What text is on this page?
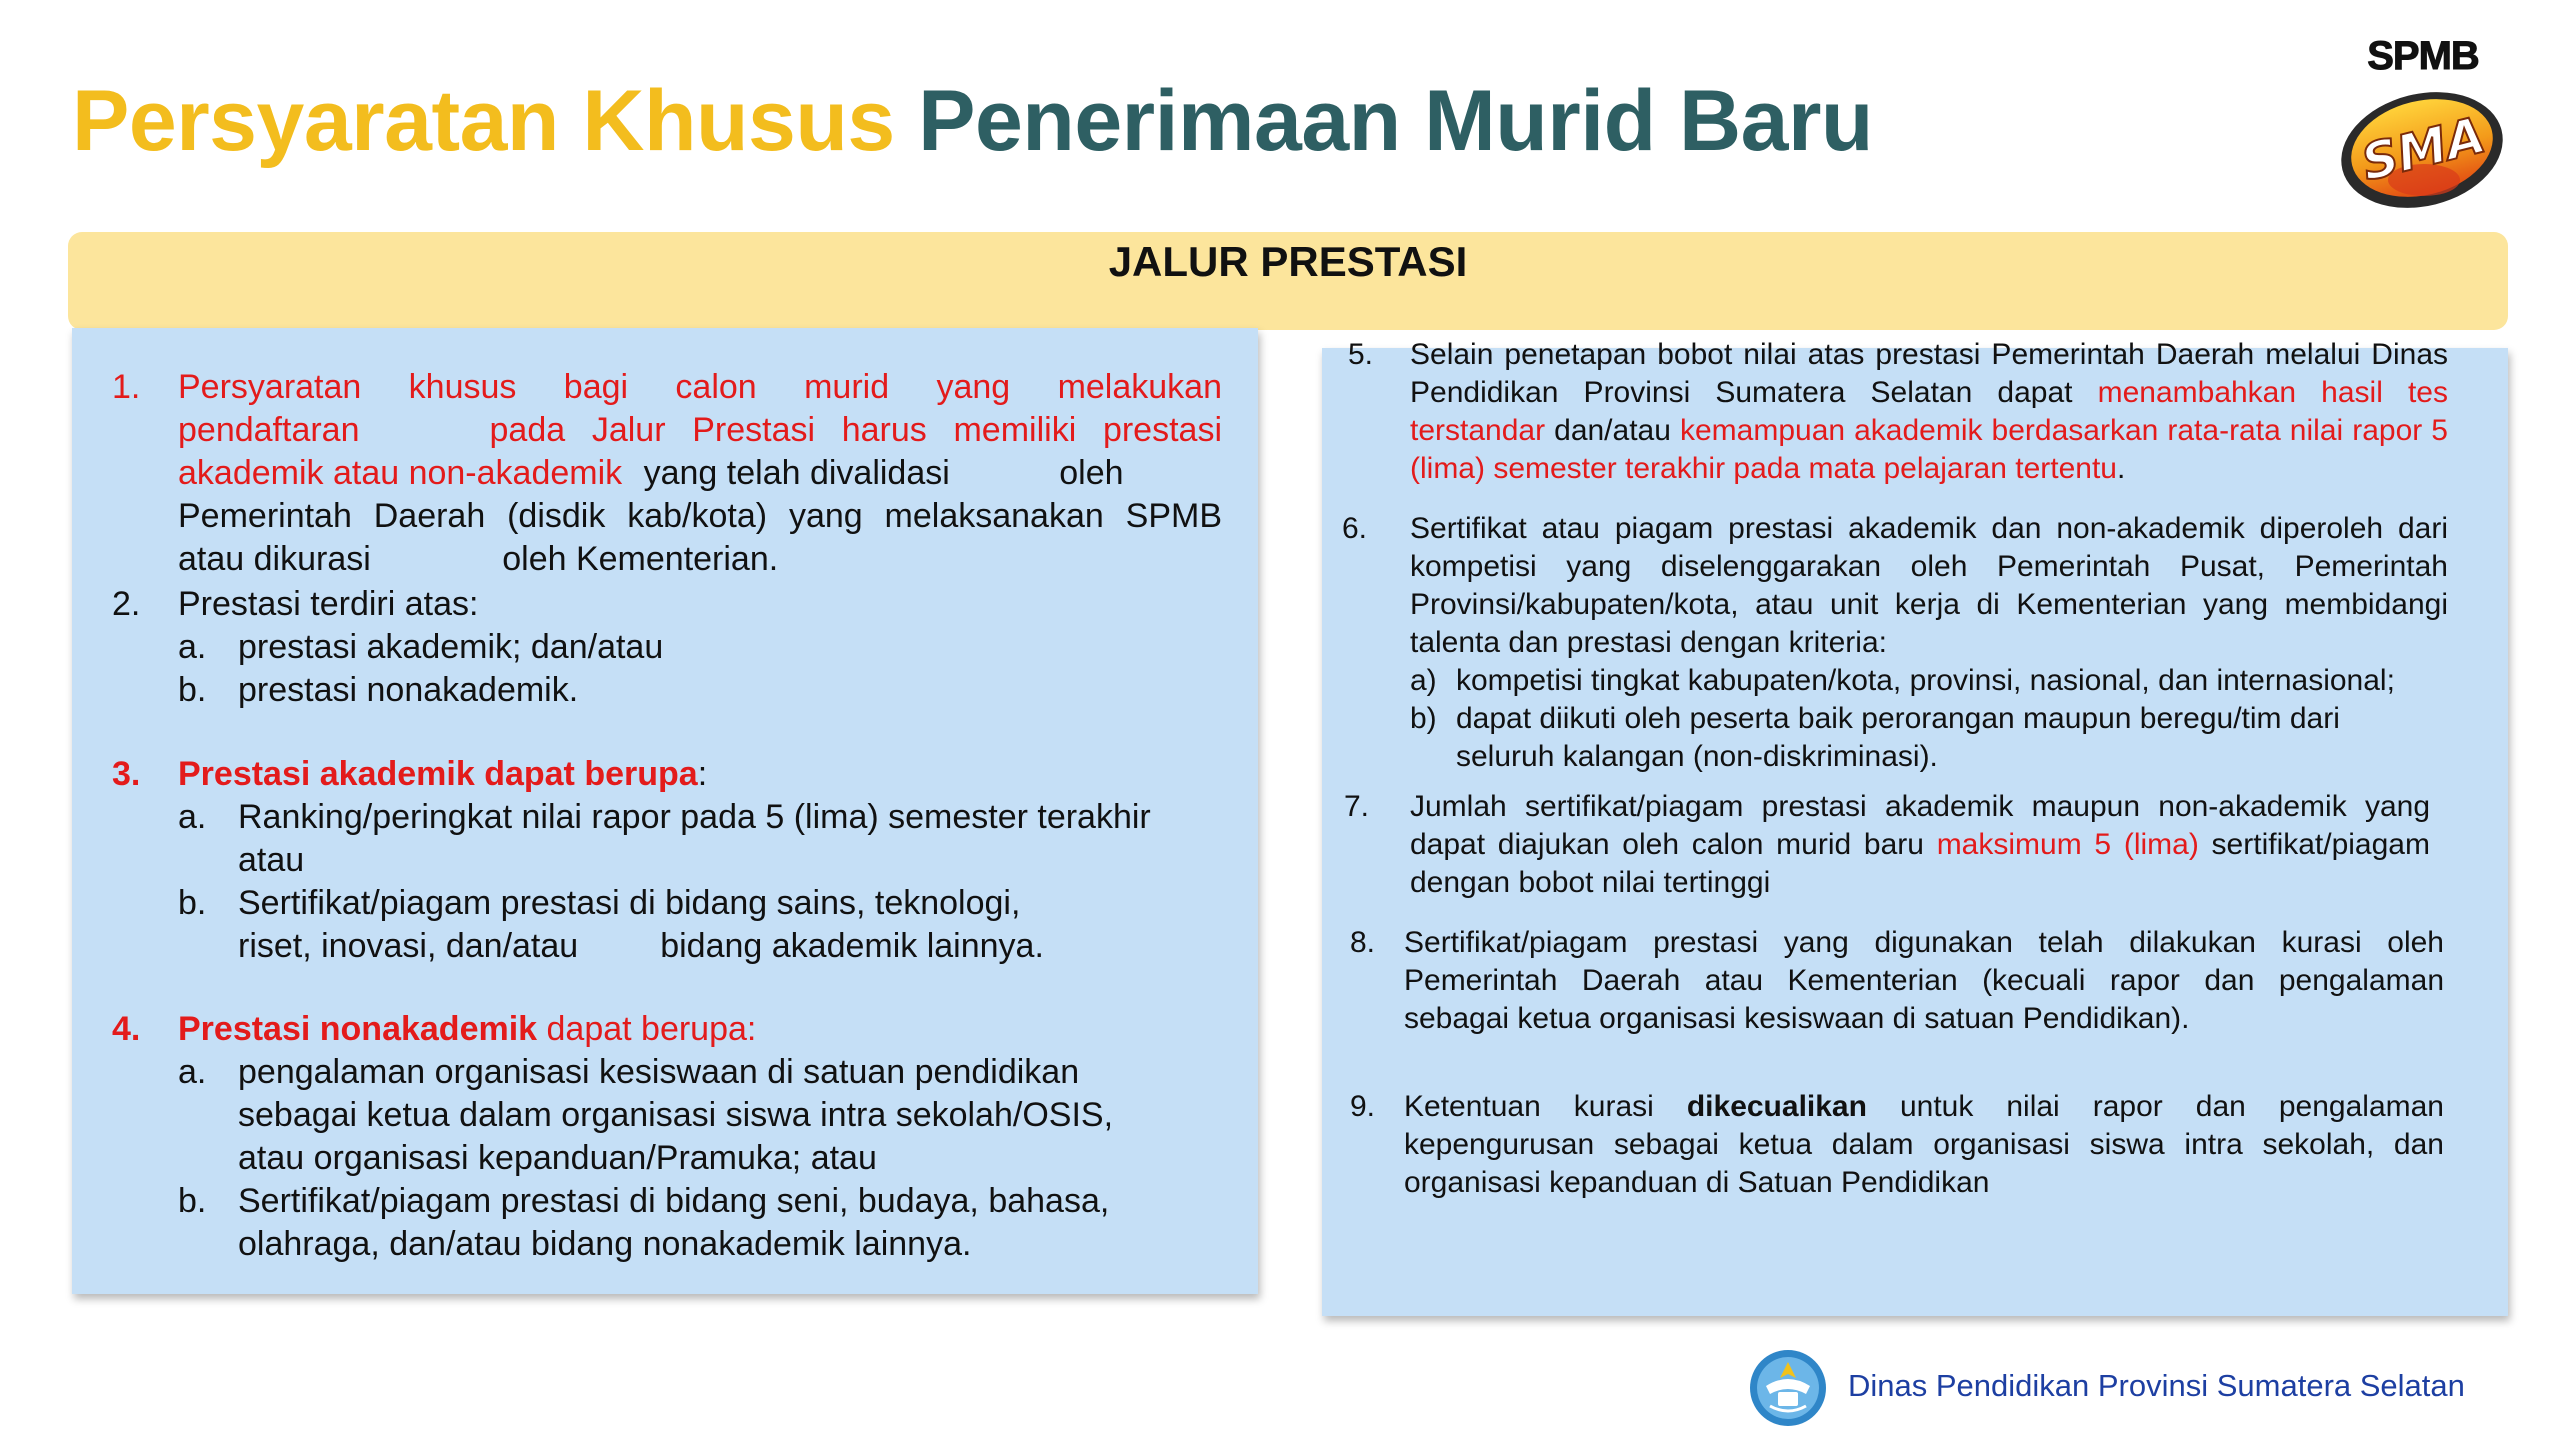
Persyaratan Khusus Penerimaan Murid Baru
SPMB
SMA
JALUR PRESTASI
1. Persyaratan khusus bagi calon murid yang melakukan
pendaftaran	pada Jalur Prestasi harus memiliki prestasi
akademik atau non-akademik yang telah divalidasi	oleh
Pemerintah Daerah (disdik kab/kota) yang melaksanakan SPMB
atau dikurasi	oleh Kementerian.
2. Prestasi terdiri atas:
a. prestasi akademik; dan/atau
b. prestasi nonakademik.
3. Prestasi akademik dapat berupa:
a. Ranking/peringkat nilai rapor pada 5 (lima) semester terakhir atau
b. Sertifikat/piagam prestasi di bidang sains, teknologi,
riset, inovasi, dan/atau bidang akademik lainnya.
4. Prestasi nonakademik dapat berupa:
a. pengalaman organisasi kesiswaan di satuan pendidikan
sebagai ketua dalam organisasi siswa intra sekolah/OSIS,
atau organisasi kepanduan/Pramuka; atau
b. Sertifikat/piagam prestasi di bidang seni, budaya, bahasa,
olahraga, dan/atau bidang nonakademik lainnya.
5. Selain penetapan bobot nilai atas prestasi Pemerintah Daerah melalui Dinas Pendidikan Provinsi Sumatera Selatan dapat menambahkan hasil tes terstandar dan/atau kemampuan akademik berdasarkan rata-rata nilai rapor 5 (lima) semester terakhir pada mata pelajaran tertentu.

6. Sertifikat atau piagam prestasi akademik dan non-akademik diperoleh dari kompetisi yang diselenggarakan oleh Pemerintah Pusat, Pemerintah Provinsi/kabupaten/kota, atau unit kerja di Kementerian yang membidangi talenta dan prestasi dengan kriteria:

a) kompetisi tingkat kabupaten/kota, provinsi, nasional, dan internasional;
b) dapat diikuti oleh peserta baik perorangan maupun beregu/tim dari seluruh kalangan (non-diskriminasi).
7. Jumlah sertifikat/piagam prestasi akademik maupun non-akademik yang dapat diajukan oleh calon murid baru maksimum 5 (lima) sertifikat/piagam dengan bobot nilai tertinggi

8. Sertifikat/piagam prestasi yang digunakan telah dilakukan kurasi oleh Pemerintah Daerah atau Kementerian (kecuali rapor dan pengalaman sebagai ketua organisasi kesiswaan di satuan Pendidikan).

9. Ketentuan kurasi dikecualikan untuk nilai rapor dan pengalaman kepengurusan sebagai ketua dalam organisasi siswa intra sekolah, dan organisasi kepanduan di Satuan Pendidikan

Dinas Pendidikan Provinsi Sumatera Selatan
